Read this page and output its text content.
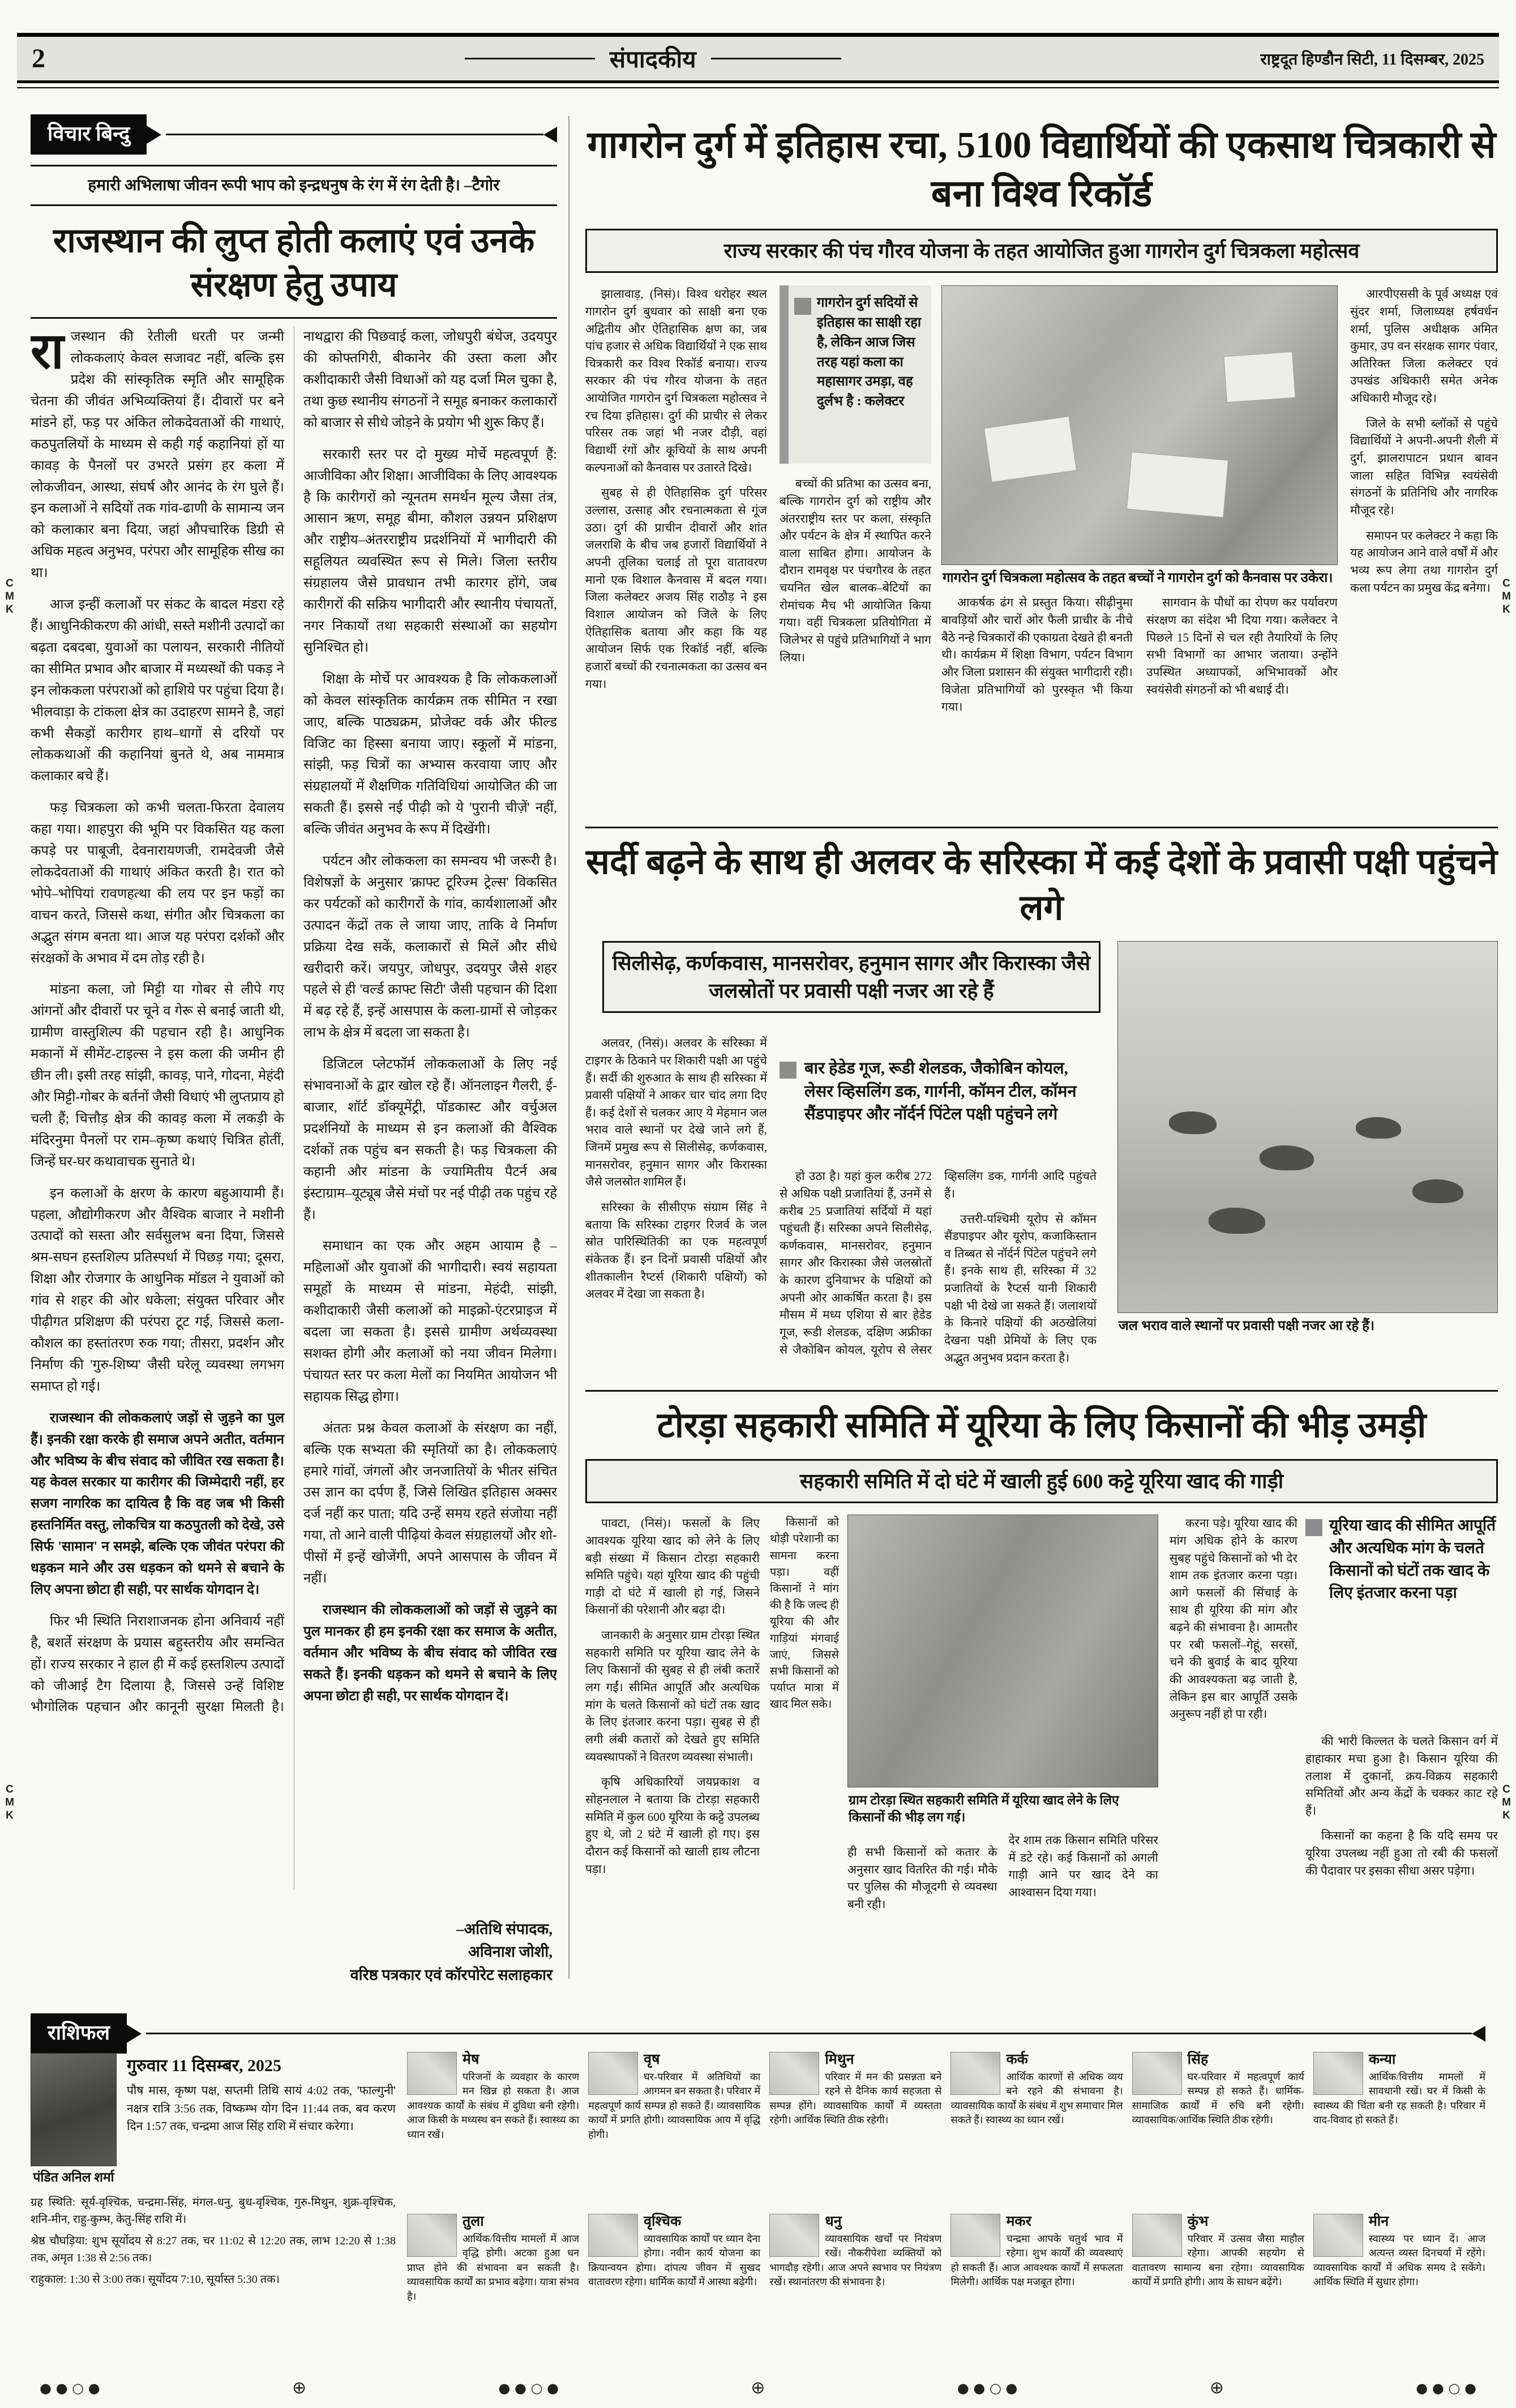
C
M
K
C
M
K
C
M
K
C
M
K
2	संपादकीय	राष्ट्रदूत हिण्डौन सिटी, 11 दिसम्बर, 2025
विचार बिन्दु
हमारी अभिलाषा जीवन रूपी भाप को इन्द्रधनुष के रंग में रंग देती है। –टैगोर
राजस्थान की लुप्त होती कलाएं एवं उनके संरक्षण हेतु उपाय

राजस्थान की रेतीली धरती पर जन्मी लोककलाएं केवल सजावट नहीं, बल्कि इस प्रदेश की सांस्कृतिक स्मृति और सामूहिक चेतना की जीवंत अभिव्यक्तियां हैं। दीवारों पर बने मांडने हों, फड़ पर अंकित लोकदेवताओं की गाथाएं, कठपुतलियों के माध्यम से कही गई कहानियां हों या कावड़ के पैनलों पर उभरते प्रसंग हर कला में लोकजीवन, आस्था, संघर्ष और आनंद के रंग घुले हैं। इन कलाओं ने सदियों तक गांव-ढाणी के सामान्य जन को कलाकार बना दिया, जहां औपचारिक डिग्री से अधिक महत्व अनुभव, परंपरा और सामूहिक सीख का था।

आज इन्हीं कलाओं पर संकट के बादल मंडरा रहे हैं। आधुनिकीकरण की आंधी, सस्ते मशीनी उत्पादों का बढ़ता दबदबा, युवाओं का पलायन, सरकारी नीतियों का सीमित प्रभाव और बाजार में मध्यस्थों की पकड़ ने इन लोककला परंपराओं को हाशिये पर पहुंचा दिया है। भीलवाड़ा के टांकला क्षेत्र का उदाहरण सामने है, जहां कभी सैकड़ों कारीगर हाथ–धागों से दरियों पर लोककथाओं की कहानियां बुनते थे, अब नाममात्र कलाकार बचे हैं।

फड़ चित्रकला को कभी चलता-फिरता देवालय कहा गया। शाहपुरा की भूमि पर विकसित यह कला कपड़े पर पाबूजी, देवनारायणजी, रामदेवजी जैसे लोकदेवताओं की गाथाएं अंकित करती है। रात को भोपे–भोपियां रावणहत्था की लय पर इन फड़ों का वाचन करते, जिससे कथा, संगीत और चित्रकला का अद्भुत संगम बनता था। आज यह परंपरा दर्शकों और संरक्षकों के अभाव में दम तोड़ रही है।

मांडना कला, जो मिट्टी या गोबर से लीपे गए आंगनों और दीवारों पर चूने व गेरू से बनाई जाती थी, ग्रामीण वास्तुशिल्प की पहचान रही है। आधुनिक मकानों में सीमेंट-टाइल्स ने इस कला की जमीन ही छीन ली। इसी तरह सांझी, कावड़, पाने, गोदना, मेहंदी और मिट्टी-गोबर के बर्तनों जैसी विधाएं भी लुप्तप्राय हो चली हैं; चित्तौड़ क्षेत्र की कावड़ कला में लकड़ी के मंदिरनुमा पैनलों पर राम–कृष्ण कथाएं चित्रित होतीं, जिन्हें घर-घर कथावाचक सुनाते थे।

इन कलाओं के क्षरण के कारण बहुआयामी हैं। पहला, औद्योगीकरण और वैश्विक बाजार ने मशीनी उत्पादों को सस्ता और सर्वसुलभ बना दिया, जिससे श्रम-सघन हस्तशिल्प प्रतिस्पर्धा में पिछड़ गया; दूसरा, शिक्षा और रोजगार के आधुनिक मॉडल ने युवाओं को गांव से शहर की ओर धकेला; संयुक्त परिवार और पीढ़ीगत प्रशिक्षण की परंपरा टूट गई, जिससे कला-कौशल का हस्तांतरण रुक गया; तीसरा, प्रदर्शन और निर्माण की 'गुरु-शिष्य' जैसी घरेलू व्यवस्था लगभग समाप्त हो गई।

राजस्थान की लोककलाएं जड़ों से जुड़ने का पुल हैं। इनकी रक्षा करके ही समाज अपने अतीत, वर्तमान और भविष्य के बीच संवाद को जीवित रख सकता है। यह केवल सरकार या कारीगर की जिम्मेदारी नहीं, हर सजग नागरिक का दायित्व है कि वह जब भी किसी हस्तनिर्मित वस्तु, लोकचित्र या कठपुतली को देखे, उसे सिर्फ 'सामान' न समझे, बल्कि एक जीवंत परंपरा की धड़कन माने और उस धड़कन को थमने से बचाने के लिए अपना छोटा ही सही, पर सार्थक योगदान दे।

फिर भी स्थिति निराशाजनक होना अनिवार्य नहीं है, बशर्ते संरक्षण के प्रयास बहुस्तरीय और समन्वित हों। राज्य सरकार ने हाल ही में कई हस्तशिल्प उत्पादों को जीआई टैग दिलाया है, जिससे उन्हें विशिष्ट भौगोलिक पहचान और कानूनी सुरक्षा मिलती है। नाथद्वारा की पिछवाई कला, जोधपुरी बंधेज, उदयपुर की कोफ्तगिरी, बीकानेर की उस्ता कला और कशीदाकारी जैसी विधाओं को यह दर्जा मिल चुका है, तथा कुछ स्थानीय संगठनों ने समूह बनाकर कलाकारों को बाजार से सीधे जोड़ने के प्रयोग भी शुरू किए हैं।

सरकारी स्तर पर दो मुख्य मोर्चे महत्वपूर्ण हैं: आजीविका और शिक्षा। आजीविका के लिए आवश्यक है कि कारीगरों को न्यूनतम समर्थन मूल्य जैसा तंत्र, आसान ऋण, समूह बीमा, कौशल उन्नयन प्रशिक्षण और राष्ट्रीय–अंतरराष्ट्रीय प्रदर्शनियों में भागीदारी की सहूलियत व्यवस्थित रूप से मिले। जिला स्तरीय संग्रहालय जैसे प्रावधान तभी कारगर होंगे, जब कारीगरों की सक्रिय भागीदारी और स्थानीय पंचायतों, नगर निकायों तथा सहकारी संस्थाओं का सहयोग सुनिश्चित हो।

शिक्षा के मोर्चे पर आवश्यक है कि लोककलाओं को केवल सांस्कृतिक कार्यक्रम तक सीमित न रखा जाए, बल्कि पाठ्यक्रम, प्रोजेक्ट वर्क और फील्ड विजिट का हिस्सा बनाया जाए। स्कूलों में मांडना, सांझी, फड़ चित्रों का अभ्यास करवाया जाए और संग्रहालयों में शैक्षणिक गतिविधियां आयोजित की जा सकती हैं। इससे नई पीढ़ी को ये 'पुरानी चीज़ें' नहीं, बल्कि जीवंत अनुभव के रूप में दिखेंगी।

पर्यटन और लोककला का समन्वय भी जरूरी है। विशेषज्ञों के अनुसार 'क्राफ्ट टूरिज्म ट्रेल्स' विकसित कर पर्यटकों को कारीगरों के गांव, कार्यशालाओं और उत्पादन केंद्रों तक ले जाया जाए, ताकि वे निर्माण प्रक्रिया देख सकें, कलाकारों से मिलें और सीधे खरीदारी करें। जयपुर, जोधपुर, उदयपुर जैसे शहर पहले से ही 'वर्ल्ड क्राफ्ट सिटी' जैसी पहचान की दिशा में बढ़ रहे हैं, इन्हें आसपास के कला-ग्रामों से जोड़कर लाभ के क्षेत्र में बदला जा सकता है।

डिजिटल प्लेटफॉर्म लोककलाओं के लिए नई संभावनाओं के द्वार खोल रहे हैं। ऑनलाइन गैलरी, ई-बाजार, शॉर्ट डॉक्यूमेंट्री, पॉडकास्ट और वर्चुअल प्रदर्शनियों के माध्यम से इन कलाओं की वैश्विक दर्शकों तक पहुंच बन सकती है। फड़ चित्रकला की कहानी और मांडना के ज्यामितीय पैटर्न अब इंस्टाग्राम–यूट्यूब जैसे मंचों पर नई पीढ़ी तक पहुंच रहे हैं।

समाधान का एक और अहम आयाम है – महिलाओं और युवाओं की भागीदारी। स्वयं सहायता समूहों के माध्यम से मांडना, मेहंदी, सांझी, कशीदाकारी जैसी कलाओं को माइक्रो-एंटरप्राइज में बदला जा सकता है। इससे ग्रामीण अर्थव्यवस्था सशक्त होगी और कलाओं को नया जीवन मिलेगा। पंचायत स्तर पर कला मेलों का नियमित आयोजन भी सहायक सिद्ध होगा।

अंततः प्रश्न केवल कलाओं के संरक्षण का नहीं, बल्कि एक सभ्यता की स्मृतियों का है। लोककलाएं हमारे गांवों, जंगलों और जनजातियों के भीतर संचित उस ज्ञान का दर्पण हैं, जिसे लिखित इतिहास अक्सर दर्ज नहीं कर पाता; यदि उन्हें समय रहते संजोया नहीं गया, तो आने वाली पीढ़ियां केवल संग्रहालयों और शो-पीसों में इन्हें खोजेंगी, अपने आसपास के जीवन में नहीं।

राजस्थान की लोककलाओं को जड़ों से जुड़ने का पुल मानकर ही हम इनकी रक्षा कर समाज के अतीत, वर्तमान और भविष्य के बीच संवाद को जीवित रख सकते हैं। इनकी धड़कन को थमने से बचाने के लिए अपना छोटा ही सही, पर सार्थक योगदान दें।

–अतिथि संपादक,
अविनाश जोशी,
वरिष्ठ पत्रकार एवं कॉरपोरेट सलाहकार
गागरोन दुर्ग में इतिहास रचा, 5100 विद्यार्थियों की एकसाथ चित्रकारी से बना विश्व रिकॉर्ड
राज्य सरकार की पंच गौरव योजना के तहत आयोजित हुआ गागरोन दुर्ग चित्रकला महोत्सव

झालावाड़, (निसं)। विश्व धरोहर स्थल गागरोन दुर्ग बुधवार को साक्षी बना एक अद्वितीय और ऐतिहासिक क्षण का, जब पांच हजार से अधिक विद्यार्थियों ने एक साथ चित्रकारी कर विश्व रिकॉर्ड बनाया। राज्य सरकार की पंच गौरव योजना के तहत आयोजित गागरोन दुर्ग चित्रकला महोत्सव ने रच दिया इतिहास। दुर्ग की प्राचीर से लेकर परिसर तक जहां भी नजर दौड़ी, वहां विद्यार्थी रंगों और कूचियों के साथ अपनी कल्पनाओं को कैनवास पर उतारते दिखे।

सुबह से ही ऐतिहासिक दुर्ग परिसर उल्लास, उत्साह और रचनात्मकता से गूंज उठा। दुर्ग की प्राचीन दीवारों और शांत जलराशि के बीच जब हजारों विद्यार्थियों ने अपनी तूलिका चलाई तो पूरा वातावरण मानो एक विशाल कैनवास में बदल गया। जिला कलेक्टर अजय सिंह राठौड़ ने इस विशाल आयोजन को जिले के लिए ऐतिहासिक बताया और कहा कि यह आयोजन सिर्फ एक रिकॉर्ड नहीं, बल्कि हजारों बच्चों की रचनात्मकता का उत्सव बन गया।

गागरोन दुर्ग सदियों से इतिहास का साक्षी रहा है, लेकिन आज जिस तरह यहां कला का महासागर उमड़ा, वह दुर्लभ है : कलेक्टर

बच्चों की प्रतिभा का उत्सव बना, बल्कि गागरोन दुर्ग को राष्ट्रीय और अंतरराष्ट्रीय स्तर पर कला, संस्कृति और पर्यटन के क्षेत्र में स्थापित करने वाला साबित होगा। आयोजन के दौरान रामवृक्ष पर पंचगौरव के तहत चयनित खेल बालक–बेटियों का रोमांचक मैच भी आयोजित किया गया। वहीं चित्रकला प्रतियोगिता में जिलेभर से पहुंचे प्रतिभागियों ने भाग लिया।

गागरोन दुर्ग चित्रकला महोत्सव के तहत बच्चों ने गागरोन दुर्ग को कैनवास पर उकेरा।

आकर्षक ढंग से प्रस्तुत किया। सीढ़ीनुमा बावड़ियों और चारों ओर फैली प्राचीर के नीचे बैठे नन्हे चित्रकारों की एकाग्रता देखते ही बनती थी। कार्यक्रम में शिक्षा विभाग, पर्यटन विभाग और जिला प्रशासन की संयुक्त भागीदारी रही। विजेता प्रतिभागियों को पुरस्कृत भी किया गया।

सागवान के पौधों का रोपण कर पर्यावरण संरक्षण का संदेश भी दिया गया। कलेक्टर ने पिछले 15 दिनों से चल रही तैयारियों के लिए सभी विभागों का आभार जताया। उन्होंने उपस्थित अध्यापकों, अभिभावकों और स्वयंसेवी संगठनों को भी बधाई दी।

आरपीएससी के पूर्व अध्यक्ष एवं सुंदर शर्मा, जिलाध्यक्ष हर्षवर्धन शर्मा, पुलिस अधीक्षक अमित कुमार, उप वन संरक्षक सागर पंवार, अतिरिक्त जिला कलेक्टर एवं उपखंड अधिकारी समेत अनेक अधिकारी मौजूद रहे।

जिले के सभी ब्लॉकों से पहुंचे विद्यार्थियों ने अपनी-अपनी शैली में दुर्ग, झालरापाटन प्रधान बावन जाला सहित विभिन्न स्वयंसेवी संगठनों के प्रतिनिधि और नागरिक मौजूद रहे।

समापन पर कलेक्टर ने कहा कि यह आयोजन आने वाले वर्षों में और भव्य रूप लेगा तथा गागरोन दुर्ग कला पर्यटन का प्रमुख केंद्र बनेगा।

सर्दी बढ़ने के साथ ही अलवर के सरिस्का में कई देशों के प्रवासी पक्षी पहुंचने लगे
सिलीसेढ़, कर्णकवास, मानसरोवर, हनुमान सागर और किरास्का जैसे जलस्रोतों पर प्रवासी पक्षी नजर आ रहे हैं
बार हेडेड गूज, रूडी शेलडक, जैकोबिन कोयल, लेसर व्हिसलिंग डक, गार्गनी, कॉमन टील, कॉमन सैंडपाइपर और नॉर्दर्न पिंटेल पक्षी पहुंचने लगे

अलवर, (निसं)। अलवर के सरिस्का में टाइगर के ठिकाने पर शिकारी पक्षी आ पहुंचे हैं। सर्दी की शुरुआत के साथ ही सरिस्का में प्रवासी पक्षियों ने आकर चार चांद लगा दिए हैं। कई देशों से चलकर आए ये मेहमान जल भराव वाले स्थानों पर देखे जाने लगे हैं, जिनमें प्रमुख रूप से सिलीसेढ़, कर्णकवास, मानसरोवर, हनुमान सागर और किरास्का जैसे जलस्रोत शामिल हैं।

सरिस्का के सीसीएफ संग्राम सिंह ने बताया कि सरिस्का टाइगर रिजर्व के जल स्रोत पारिस्थितिकी का एक महत्वपूर्ण संकेतक हैं। इन दिनों प्रवासी पक्षियों और शीतकालीन रैप्टर्स (शिकारी पक्षियों) को अलवर में देखा जा सकता है।

हो उठा है। यहां कुल करीब 272 से अधिक पक्षी प्रजातियां हैं, उनमें से करीब 25 प्रजातियां सर्दियों में यहां पहुंचती हैं। सरिस्का अपने सिलीसेढ़, कर्णकवास, मानसरोवर, हनुमान सागर और किरास्का जैसे जलस्रोतों के कारण दुनियाभर के पक्षियों को अपनी ओर आकर्षित करता है। इस मौसम में मध्य एशिया से बार हेडेड गूज, रूडी शेलडक, दक्षिण अफ्रीका से जैकोबिन कोयल, यूरोप से लेसर व्हिसलिंग डक, गार्गनी आदि पहुंचते हैं।

उत्तरी-पश्चिमी यूरोप से कॉमन सैंडपाइपर और यूरोप, कजाकिस्तान व तिब्बत से नॉर्दर्न पिंटेल पहुंचने लगे हैं। इनके साथ ही, सरिस्का में 32 प्रजातियों के रैप्टर्स यानी शिकारी पक्षी भी देखे जा सकते हैं। जलाशयों के किनारे पक्षियों की अठखेलियां देखना पक्षी प्रेमियों के लिए एक अद्भुत अनुभव प्रदान करता है।

जल भराव वाले स्थानों पर प्रवासी पक्षी नजर आ रहे हैं।
टोरड़ा सहकारी समिति में यूरिया के लिए किसानों की भीड़ उमड़ी
सहकारी समिति में दो घंटे में खाली हुई 600 कट्टे यूरिया खाद की गाड़ी

पावटा, (निसं)। फसलों के लिए आवश्यक यूरिया खाद को लेने के लिए बड़ी संख्या में किसान टोरड़ा सहकारी समिति पहुंचे। यहां यूरिया खाद की पहुंची गाड़ी दो घंटे में खाली हो गई, जिसने किसानों की परेशानी और बढ़ा दी।

जानकारी के अनुसार ग्राम टोरड़ा स्थित सहकारी समिति पर यूरिया खाद लेने के लिए किसानों की सुबह से ही लंबी कतारें लग गईं। सीमित आपूर्ति और अत्यधिक मांग के चलते किसानों को घंटों तक खाद के लिए इंतजार करना पड़ा। सुबह से ही लगी लंबी कतारों को देखते हुए समिति व्यवस्थापकों ने वितरण व्यवस्था संभाली।

कृषि अधिकारियों जयप्रकाश व सोहनलाल ने बताया कि टोरड़ा सहकारी समिति में कुल 600 यूरिया के कट्टे उपलब्ध हुए थे, जो 2 घंटे में खाली हो गए। इस दौरान कई किसानों को खाली हाथ लौटना पड़ा।

किसानों को थोड़ी परेशानी का सामना करना पड़ा। वहीं किसानों ने मांग की है कि जल्द ही यूरिया की और गाड़ियां मंगवाई जाएं, जिससे सभी किसानों को पर्याप्त मात्रा में खाद मिल सके।

ग्राम टोरड़ा स्थित सहकारी समिति में यूरिया खाद लेने के लिए किसानों की भीड़ लग गई।

ही सभी किसानों को कतार के अनुसार खाद वितरित की गई। मौके पर पुलिस की मौजूदगी से व्यवस्था बनी रही।

देर शाम तक किसान समिति परिसर में डटे रहे। कई किसानों को अगली गाड़ी आने पर खाद देने का आश्वासन दिया गया।

करना पड़े। यूरिया खाद की मांग अधिक होने के कारण सुबह पहुंचे किसानों को भी देर शाम तक इंतजार करना पड़ा। आगे फसलों की सिंचाई के साथ ही यूरिया की मांग और बढ़ने की संभावना है। आमतौर पर रबी फसलों–गेहूं, सरसों, चने की बुवाई के बाद यूरिया की आवश्यकता बढ़ जाती है, लेकिन इस बार आपूर्ति उसके अनुरूप नहीं हो पा रही।

यूरिया खाद की सीमित आपूर्ति और अत्यधिक मांग के चलते किसानों को घंटों तक खाद के लिए इंतजार करना पड़ा

की भारी किल्लत के चलते किसान वर्ग में हाहाकार मचा हुआ है। किसान यूरिया की तलाश में दुकानों, क्रय-विक्रय सहकारी समितियों और अन्य केंद्रों के चक्कर काट रहे हैं।

किसानों का कहना है कि यदि समय पर यूरिया उपलब्ध नहीं हुआ तो रबी की फसलों की पैदावार पर इसका सीधा असर पड़ेगा।

राशिफल
पंडित अनिल शर्मा
गुरुवार 11 दिसम्बर, 2025
पौष मास, कृष्ण पक्ष, सप्तमी तिथि सायं 4:02 तक, 'फाल्गुनी' नक्षत्र रात्रि 3:56 तक, विष्कम्भ योग दिन 11:44 तक, बव करण दिन 1:57 तक, चन्द्रमा आज सिंह राशि में संचार करेगा।

ग्रह स्थिति: सूर्य-वृश्चिक, चन्द्रमा-सिंह, मंगल-धनु, बुध-वृश्चिक, गुरु-मिथुन, शुक्र-वृश्चिक, शनि-मीन, राहु-कुम्भ, केतु-सिंह राशि में।

श्रेष्ठ चौघड़िया: शुभ सूर्योदय से 8:27 तक, चर 11:02 से 12:20 तक, लाभ 12:20 से 1:38 तक, अमृत 1:38 से 2:56 तक।

राहुकाल: 1:30 से 3:00 तक। सूर्योदय 7:10, सूर्यास्त 5:30 तक।

मेष
परिजनों के व्यवहार के कारण मन खिन्न हो सकता है। आज आवश्यक कार्यों के संबंध में दुविधा बनी रहेगी। आज किसी के मध्यस्थ बन सकते हैं। स्वास्थ्य का ध्यान रखें।
वृष
घर-परिवार में अतिथियों का आगमन बन सकता है। परिवार में महत्वपूर्ण कार्य सम्पन्न हो सकते हैं। व्यावसायिक कार्यों में प्रगति होगी। व्यावसायिक आय में वृद्धि होगी।
मिथुन
परिवार में मन की प्रसन्नता बने रहने से दैनिक कार्य सहजता से सम्पन्न होंगे। व्यावसायिक कार्यों में व्यस्तता रहेगी। आर्थिक स्थिति ठीक रहेगी।
कर्क
आर्थिक कारणों से अधिक व्यय बने रहने की संभावना है। व्यावसायिक कार्यों के संबंध में शुभ समाचार मिल सकते हैं। स्वास्थ्य का ध्यान रखें।
सिंह
घर-परिवार में महत्वपूर्ण कार्य सम्पन्न हो सकते हैं। धार्मिक-सामाजिक कार्यों में रुचि बनी रहेगी। व्यावसायिक/आर्थिक स्थिति ठीक रहेगी।
कन्या
आर्थिक/वित्तीय मामलों में सावधानी रखें। घर में किसी के स्वास्थ्य की चिंता बनी रह सकती है। परिवार में वाद-विवाद हो सकते हैं।
तुला
आर्थिक/वित्तीय मामलों में आज वृद्धि होगी। अटका हुआ धन प्राप्त होने की संभावना बन सकती है। व्यावसायिक कार्यों का प्रभाव बढ़ेगा। यात्रा संभव है।
वृश्चिक
व्यावसायिक कार्यों पर ध्यान देना होगा। नवीन कार्य योजना का क्रियान्वयन होगा। दांपत्य जीवन में सुखद वातावरण रहेगा। धार्मिक कार्यों में आस्था बढ़ेगी।
धनु
व्यावसायिक खर्चों पर नियंत्रण रखें। नौकरीपेशा व्यक्तियों को भागदौड़ रहेगी। आज अपने स्वभाव पर नियंत्रण रखें। स्थानांतरण की संभावना है।
मकर
चन्द्रमा आपके चतुर्थ भाव में रहेगा। शुभ कार्यों की व्यवस्थाएं हो सकती हैं। आज आवश्यक कार्यों में सफलता मिलेगी। आर्थिक पक्ष मजबूत होगा।
कुंभ
परिवार में उत्सव जैसा माहौल रहेगा। आपकी सहयोग से वातावरण सामान्य बना रहेगा। व्यावसायिक कार्यों में प्रगति होगी। आय के साधन बढ़ेंगे।
मीन
स्वास्थ्य पर ध्यान दें। आज अत्यन्त व्यस्त दिनचर्या में रहेंगे। व्यावसायिक कार्यों में अधिक समय दे सकेंगे। आर्थिक स्थिति में सुधार होगा।
● ● ○ ●	⊕	● ● ○ ●	⊕	● ● ○ ●	⊕	● ● ○ ●
